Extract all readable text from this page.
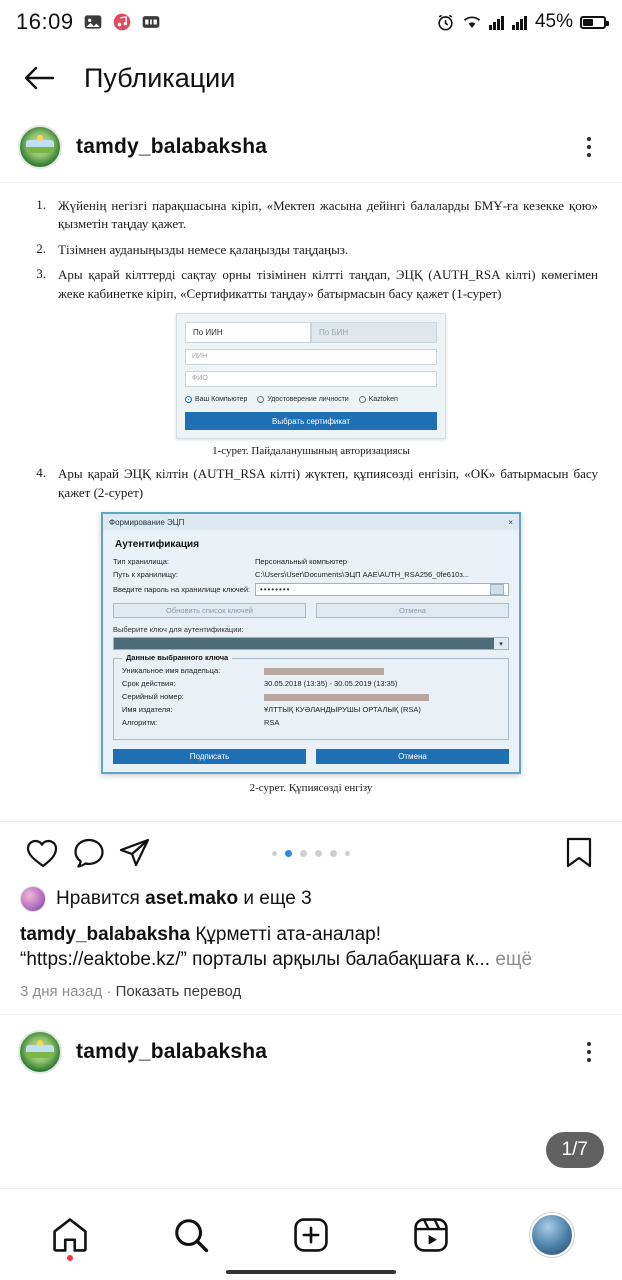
16:09	45%
Публикации
tamdy_balabaksha
1. Жүйенің негізгі парақшасына кіріп, «Мектеп жасына дейінгі балаларды БМҰ-ға кезекке қою» қызметін таңдау қажет.
2. Тізімнен ауданыңызды немесе қалаңызды таңдаңыз.
3. Ары қарай кілттерді сақтау орны тізімінен кілтті таңдап, ЭЦҚ (AUTH_RSA кілті) көмегімен жеке кабинетке кіріп, «Сертификатты таңдау» батырмасын басу қажет (1-сурет)
По ИИН	По БИН
ИИН
ФИО
Ваш Компьютер	Удостоверение личности	Kaztoken
Выбрать сертификат
1-сурет. Пайдаланушының авторизациясы
4. Ары қарай ЭЦҚ кілтін (AUTH_RSA кілті) жүктеп, құпиясөзді енгізіп, «ОК» батырмасын басу қажет (2-сурет)
Формирование ЭЦП	×
Аутентификация
Тип хранилища:	Персональный компьютер
Путь к хранилищу:	C:\Users\User\Documents\ЭЦП ААЕ\AUTH_RSA256_0fe610з...
Введите пароль на хранилище ключей:	••••••••
Обновить список ключей	Отмена
Выберите ключ для аутентификации:
▾
Данные выбранного ключа
Уникальное имя владельца:
Срок действия:	30.05.2018 (13:35) - 30.05.2019 (13:35)
Серийный номер:
Имя издателя:	ҰЛТТЫҚ КУӘЛАНДЫРУШЫ ОРТАЛЫҚ (RSA)
Алгоритм:	RSA
Подписать	Отмена
2-сурет. Құпиясөзді енгізу
Нравится aset.mako и еще 3
tamdy_balabaksha Құрметті ата-аналар!
“https://eaktobe.kz/” порталы арқылы балабақшаға к... ещё
3 дня назад · Показать перевод
tamdy_balabaksha
1/7
